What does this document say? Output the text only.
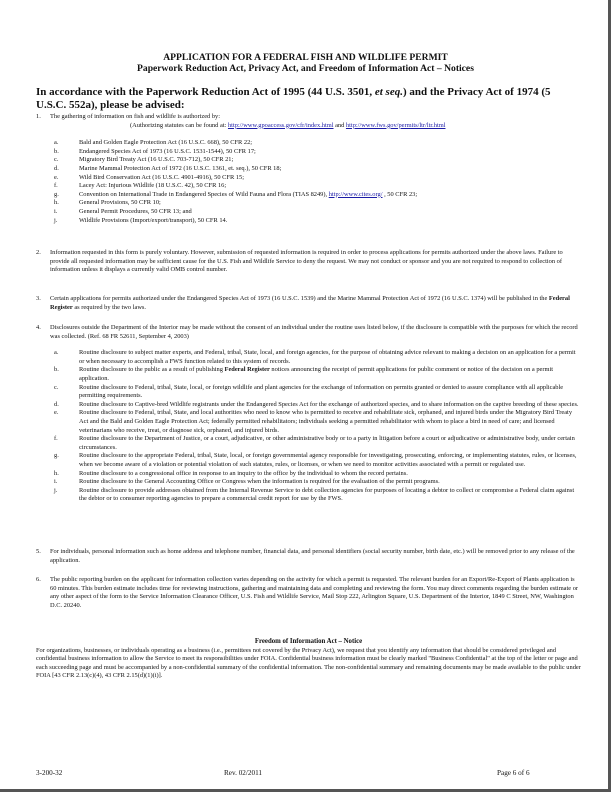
APPLICATION FOR A FEDERAL FISH AND WILDLIFE PERMIT
Paperwork Reduction Act, Privacy Act, and Freedom of Information Act – Notices
In accordance with the Paperwork Reduction Act of 1995 (44 U.S. 3501, et seq.) and the Privacy Act of 1974 (5 U.S.C. 552a), please be advised:
1. The gathering of information on fish and wildlife is authorized by:
(Authorizing statutes can be found at: http://www.gpoaccess.gov/cfr/index.html and http://www.fws.gov/permits/ltr/ltr.html
a.	Bald and Golden Eagle Protection Act (16 U.S.C. 668), 50 CFR 22;
b.	Endangered Species Act of 1973 (16 U.S.C. 1531-1544), 50 CFR 17;
c.	Migratory Bird Treaty Act (16 U.S.C. 703-712), 50 CFR 21;
d.	Marine Mammal Protection Act of 1972 (16 U.S.C. 1361, et. seq.), 50 CFR 18;
e.	Wild Bird Conservation Act (16 U.S.C. 4901-4916), 50 CFR 15;
f.	Lacey Act: Injurious Wildlife (18 U.S.C. 42), 50 CFR 16;
g.	Convention on International Trade in Endangered Species of Wild Fauna and Flora (TIAS 8249), http://www.cites.org/ , 50 CFR 23;
h.	General Provisions, 50 CFR 10;
i.	General Permit Procedures, 50 CFR 13; and
j.	Wildlife Provisions (Import/export/transport), 50 CFR 14.
2. Information requested in this form is purely voluntary. However, submission of requested information is required in order to process applications for permits authorized under the above laws. Failure to provide all requested information may be sufficient cause for the U.S. Fish and Wildlife Service to deny the request. We may not conduct or sponsor and you are not required to respond to collection of information unless it displays a currently valid OMB control number.
3. Certain applications for permits authorized under the Endangered Species Act of 1973 (16 U.S.C. 1539) and the Marine Mammal Protection Act of 1972 (16 U.S.C. 1374) will be published in the Federal Register as required by the two laws.
4. Disclosures outside the Department of the Interior may be made without the consent of an individual under the routine uses listed below, if the disclosure is compatible with the purposes for which the record was collected. (Ref. 68 FR 52611, September 4, 2003)
a.	Routine disclosure to subject matter experts, and Federal, tribal, State, local, and foreign agencies, for the purpose of obtaining advice relevant to making a decision on an application for a permit or when necessary to accomplish a FWS function related to this system of records.
b.	Routine disclosure to the public as a result of publishing Federal Register notices announcing the receipt of permit applications for public comment or notice of the decision on a permit application.
c.	Routine disclosure to Federal, tribal, State, local, or foreign wildlife and plant agencies for the exchange of information on permits granted or denied to assure compliance with all applicable permitting requirements.
d.	Routine disclosure to Captive-bred Wildlife registrants under the Endangered Species Act for the exchange of authorized species, and to share information on the captive breeding of these species.
e.	Routine disclosure to Federal, tribal, State, and local authorities who need to know who is permitted to receive and rehabilitate sick, orphaned, and injured birds under the Migratory Bird Treaty Act and the Bald and Golden Eagle Protection Act; federally permitted rehabilitators; individuals seeking a permitted rehabilitator with whom to place a bird in need of care; and licensed veterinarians who receive, treat, or diagnose sick, orphaned, and injured birds.
f.	Routine disclosure to the Department of Justice, or a court, adjudicative, or other administrative body or to a party in litigation before a court or adjudicative or administrative body, under certain circumstances.
g.	Routine disclosure to the appropriate Federal, tribal, State, local, or foreign governmental agency responsible for investigating, prosecuting, enforcing, or implementing statutes, rules, or licenses, when we become aware of a violation or potential violation of such statutes, rules, or licenses, or when we need to monitor activities associated with a permit or regulated use.
h.	Routine disclosure to a congressional office in response to an inquiry to the office by the individual to whom the record pertains.
i.	Routine disclosure to the General Accounting Office or Congress when the information is required for the evaluation of the permit programs.
j.	Routine disclosure to provide addresses obtained from the Internal Revenue Service to debt collection agencies for purposes of locating a debtor to collect or compromise a Federal claim against the debtor or to consumer reporting agencies to prepare a commercial credit report for use by the FWS.
5. For individuals, personal information such as home address and telephone number, financial data, and personal identifiers (social security number, birth date, etc.) will be removed prior to any release of the application.
6. The public reporting burden on the applicant for information collection varies depending on the activity for which a permit is requested. The relevant burden for an Export/Re-Export of Plants application is 60 minutes. This burden estimate includes time for reviewing instructions, gathering and maintaining data and completing and reviewing the form. You may direct comments regarding the burden estimate or any other aspect of the form to the Service Information Clearance Officer, U.S. Fish and Wildlife Service, Mail Stop 222, Arlington Square, U.S. Department of the Interior, 1849 C Street, NW, Washington D.C. 20240.
Freedom of Information Act – Notice
For organizations, businesses, or individuals operating as a business (i.e., permittees not covered by the Privacy Act), we request that you identify any information that should be considered privileged and confidential business information to allow the Service to meet its responsibilities under FOIA. Confidential business information must be clearly marked "Business Confidential" at the top of the letter or page and each succeeding page and must be accompanied by a non-confidential summary of the confidential information. The non-confidential summary and remaining documents may be made available to the public under FOIA [43 CFR 2.13(c)(4), 43 CFR 2.15(d)(1)(i)].
3-200-32	Rev. 02/2011	Page 6 of 6
